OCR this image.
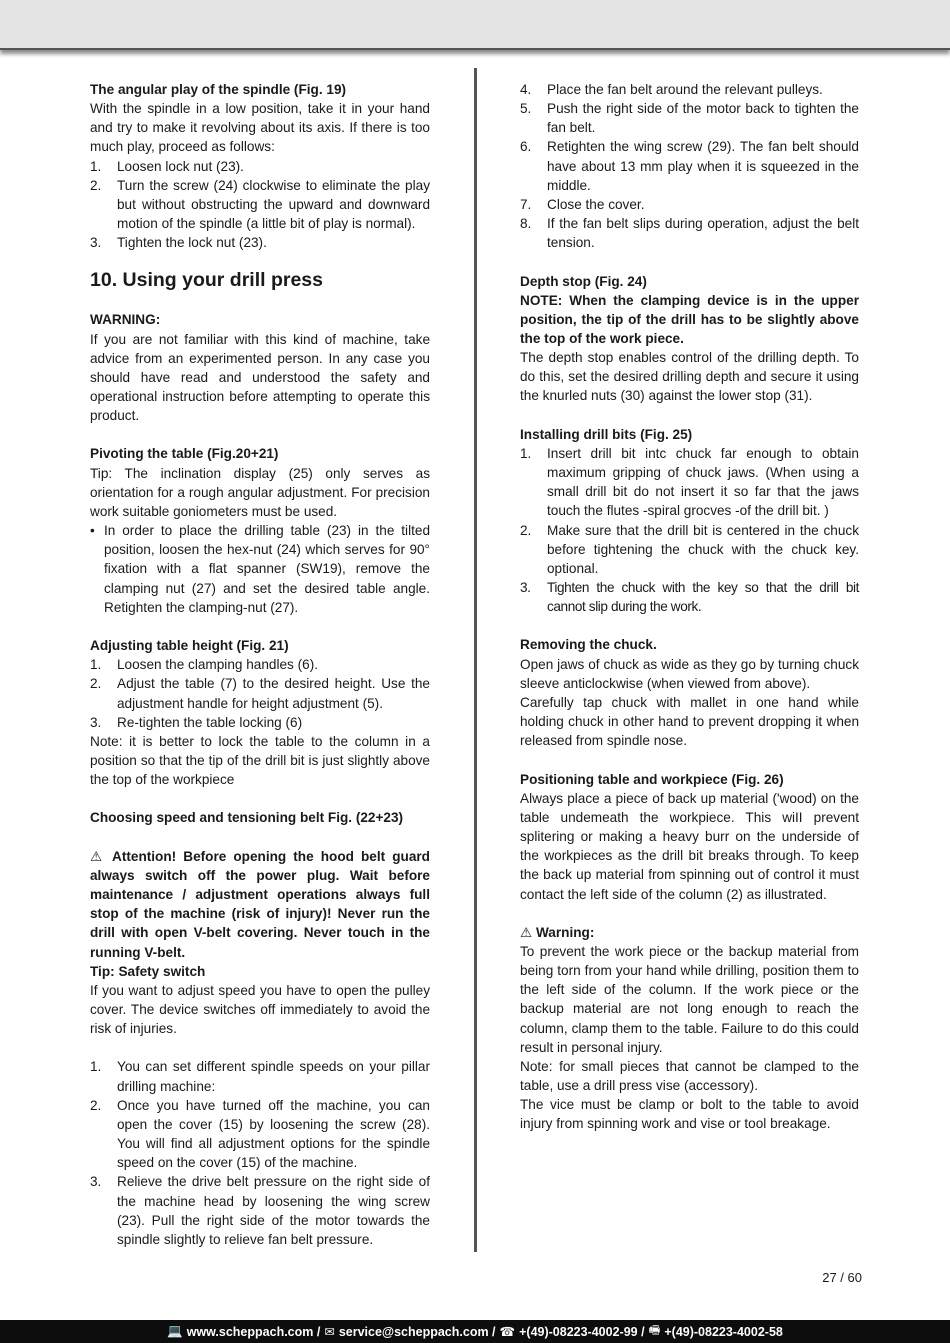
The angular play of the spindle (Fig. 19)

With the spindle in a low position, take it in your hand and try to make it revolving about its axis. If there is too much play, proceed as follows:

1.	Loosen lock nut (23).
2.	Turn the screw (24) clockwise to eliminate the play but without obstructing the upward and downward motion of the spindle (a little bit of play is normal).
3.	Tighten the lock nut (23).

10. Using your drill press

WARNING:

If you are not familiar with this kind of machine, take advice from an experimented person. In any case you should have read and understood the safety and operational instruction before attempting to operate this product.

Pivoting the table (Fig.20+21)

Tip: The inclination display (25) only serves as orientation for a rough angular adjustment. For precision work suitable goniometers must be used.

• In order to place the drilling table (23) in the tilted position, loosen the hex-nut (24) which serves for 90° fixation with a flat spanner (SW19), remove the clamping nut (27) and set the desired table angle. Retighten the clamping-nut (27).

Adjusting table height (Fig. 21)

1.	Loosen the clamping handles (6).
2.	Adjust the table (7) to the desired height. Use the adjustment handle for height adjustment (5).
3.	Re-tighten the table locking (6)

Note: it is better to lock the table to the column in a position so that the tip of the drill bit is just slightly above the top of the workpiece

Choosing speed and tensioning belt Fig. (22+23)

⚠ Attention! Before opening the hood belt guard always switch off the power plug. Wait before maintenance / adjustment operations always full stop of the machine (risk of injury)! Never run the drill with open V-belt covering. Never touch in the running V-belt.

Tip: Safety switch

If you want to adjust speed you have to open the pulley cover. The device switches off immediately to avoid the risk of injuries.

1.	You can set different spindle speeds on your pillar drilling machine:
2.	Once you have turned off the machine, you can open the cover (15) by loosening the screw (28). You will find all adjustment options for the spindle speed on the cover (15) of the machine.
3.	Relieve the drive belt pressure on the right side of the machine head by loosening the wing screw (23). Pull the right side of the motor towards the spindle slightly to relieve fan belt pressure.
4.	Place the fan belt around the relevant pulleys.
5.	Push the right side of the motor back to tighten the fan belt.
6.	Retighten the wing screw (29). The fan belt should have about 13 mm play when it is squeezed in the middle.
7.	Close the cover.
8.	If the fan belt slips during operation, adjust the belt tension.

Depth stop (Fig. 24)

NOTE: When the clamping device is in the upper position, the tip of the drill has to be slightly above the top of the work piece.

The depth stop enables control of the drilling depth. To do this, set the desired drilling depth and secure it using the knurled nuts (30) against the lower stop (31).

Installing drill bits (Fig. 25)

1.	Insert drill bit intc chuck far enough to obtain maximum gripping of chuck jaws. (When using a small drill bit do not insert it so far that the jaws touch the flutes -spiral grocves -of the drill bit. )
2.	Make sure that the drill bit is centered in the chuck before tightening the chuck with the chuck key. optional.
3.	Tighten the chuck with the key so that the drill bit cannot slip during the work.

Removing the chuck.

Open jaws of chuck as wide as they go by turning chuck sleeve anticlockwise (when viewed from above).

Carefully tap chuck with mallet in one hand while holding chuck in other hand to prevent dropping it when released from spindle nose.

Positioning table and workpiece (Fig. 26)

Always place a piece of back up material ('wood) on the table undemeath the workpiece. This wiII prevent splitering or making a heavy burr on the underside of the workpieces as the drill bit breaks through. To keep the back up material from spinning out of control it must contact the left side of the column (2) as illustrated.

⚠ Warning:

To prevent the work piece or the backup material from being torn from your hand while drilling, position them to the left side of the column. If the work piece or the backup material are not long enough to reach the column, clamp them to the table. Failure to do this could result in personal injury.

Note: for small pieces that cannot be clamped to the table, use a drill press vise (accessory).

The vice must be clamp or bolt to the table to avoid injury from spinning work and vise or tool breakage.

27 / 60
💻 www.scheppach.com / ✉ service@scheppach.com / ☎ +(49)-08223-4002-99 / 🖷 +(49)-08223-4002-58
